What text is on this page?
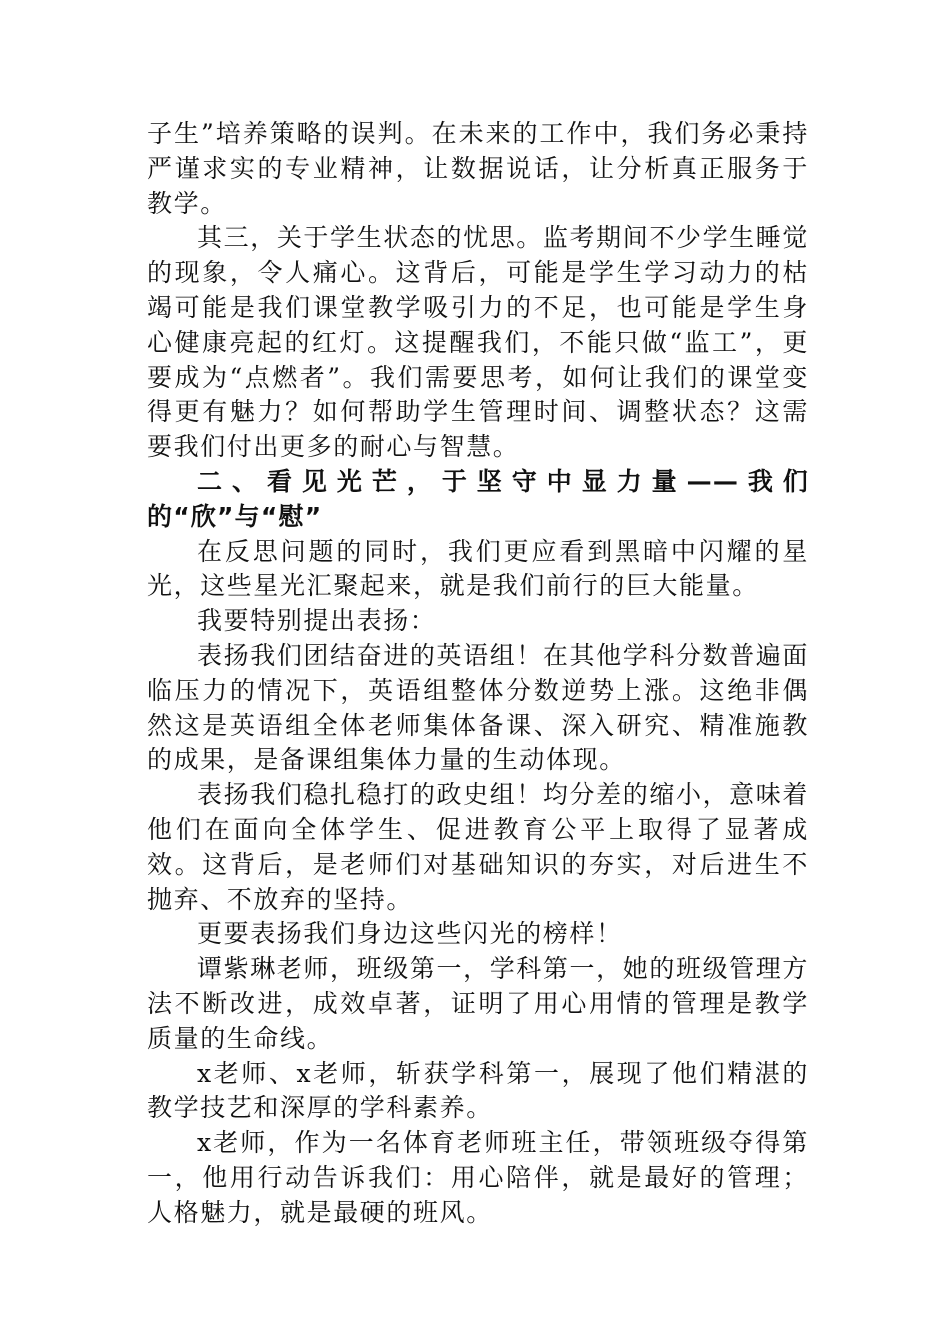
子生”培养策略的误判。在未来的工作中，我们务必秉持严谨求实的专业精神，让数据说话，让分析真正服务于教学。

其三，关于学生状态的忧思。监考期间不少学生睡觉的现象，令人痛心。这背后，可能是学生学习动力的枯竭可能是我们课堂教学吸引力的不足，也可能是学生身心健康亮起的红灯。这提醒我们，不能只做“监工”，更要成为“点燃者”。我们需要思考，如何让我们的课堂变得更有魅力？如何帮助学生管理时间、调整状态？这需要我们付出更多的耐心与智慧。

二、看见光芒，于坚守中显力量——我们的“欣”与“慰”

在反思问题的同时，我们更应看到黑暗中闪耀的星光，这些星光汇聚起来，就是我们前行的巨大能量。

我要特别提出表扬：

表扬我们团结奋进的英语组！在其他学科分数普遍面临压力的情况下，英语组整体分数逆势上涨。这绝非偶然这是英语组全体老师集体备课、深入研究、精准施教的成果，是备课组集体力量的生动体现。

表扬我们稳扎稳打的政史组！均分差的缩小，意味着他们在面向全体学生、促进教育公平上取得了显著成效。这背后，是老师们对基础知识的夯实，对后进生不抛弃、不放弃的坚持。

更要表扬我们身边这些闪光的榜样！

谭紫琳老师，班级第一，学科第一，她的班级管理方法不断改进，成效卓著，证明了用心用情的管理是教学质量的生命线。

x老师、x老师，斩获学科第一，展现了他们精湛的教学技艺和深厚的学科素养。

x老师，作为一名体育老师班主任，带领班级夺得第一，他用行动告诉我们：用心陪伴，就是最好的管理；人格魅力，就是最硬的班风。
